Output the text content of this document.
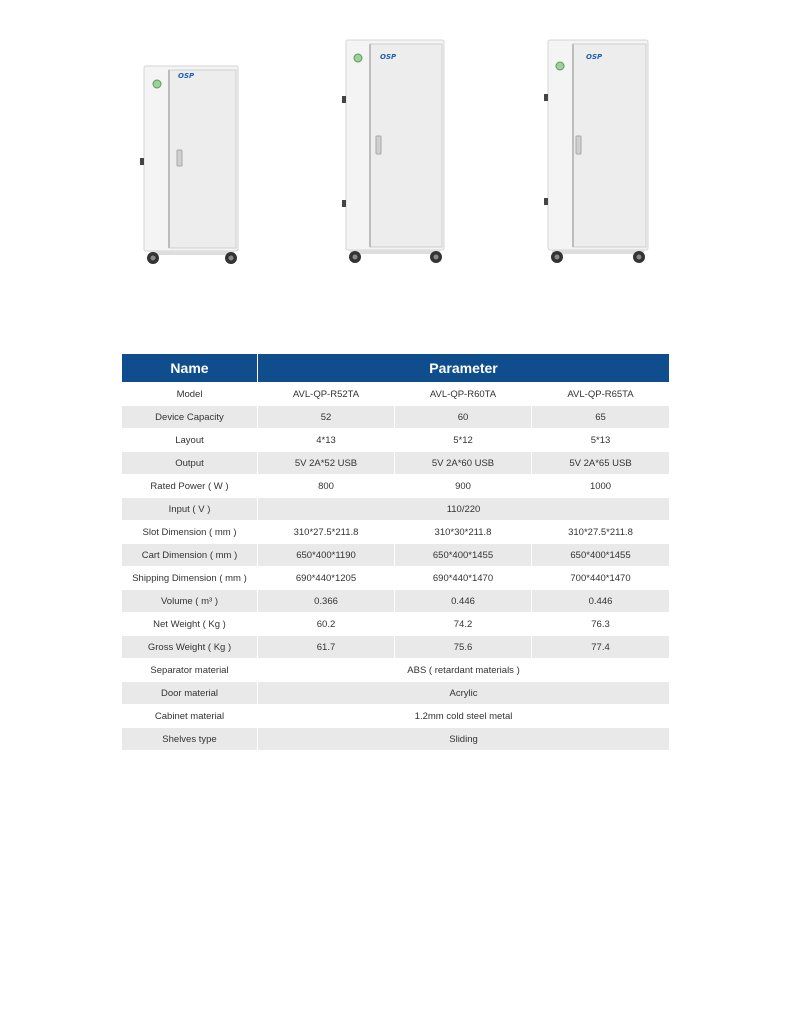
OSP
OSP	OSP
Name	Parameter		
Model	AVL-QP-R52TA	AVL-QP-R60TA	AVL-QP-R65TA
Device Capacity	52	60	65
Layout	4*13	5*12	5*13
Output	5V 2A*52 USB	5V 2A*60 USB	5V 2A*65 USB
Rated Power ( W )	800	900	1000
Input ( V )	110/220		
Slot Dimension ( mm )	310*27.5*211.8	310*30*211.8	310*27.5*211.8
Cart Dimension ( mm )	650*400*1190	650*400*1455	650*400*1455
Shipping Dimension ( mm )	690*440*1205	690*440*1470	700*440*1470
Volume ( m³ )	0.366	0.446	0.446
Net Weight ( Kg )	60.2	74.2	76.3
Gross Weight ( Kg )	61.7	75.6	77.4
Separator material	ABS ( retardant materials )		
Door material	Acrylic		
Cabinet material	1.2mm cold steel metal		
Shelves type	Sliding		
